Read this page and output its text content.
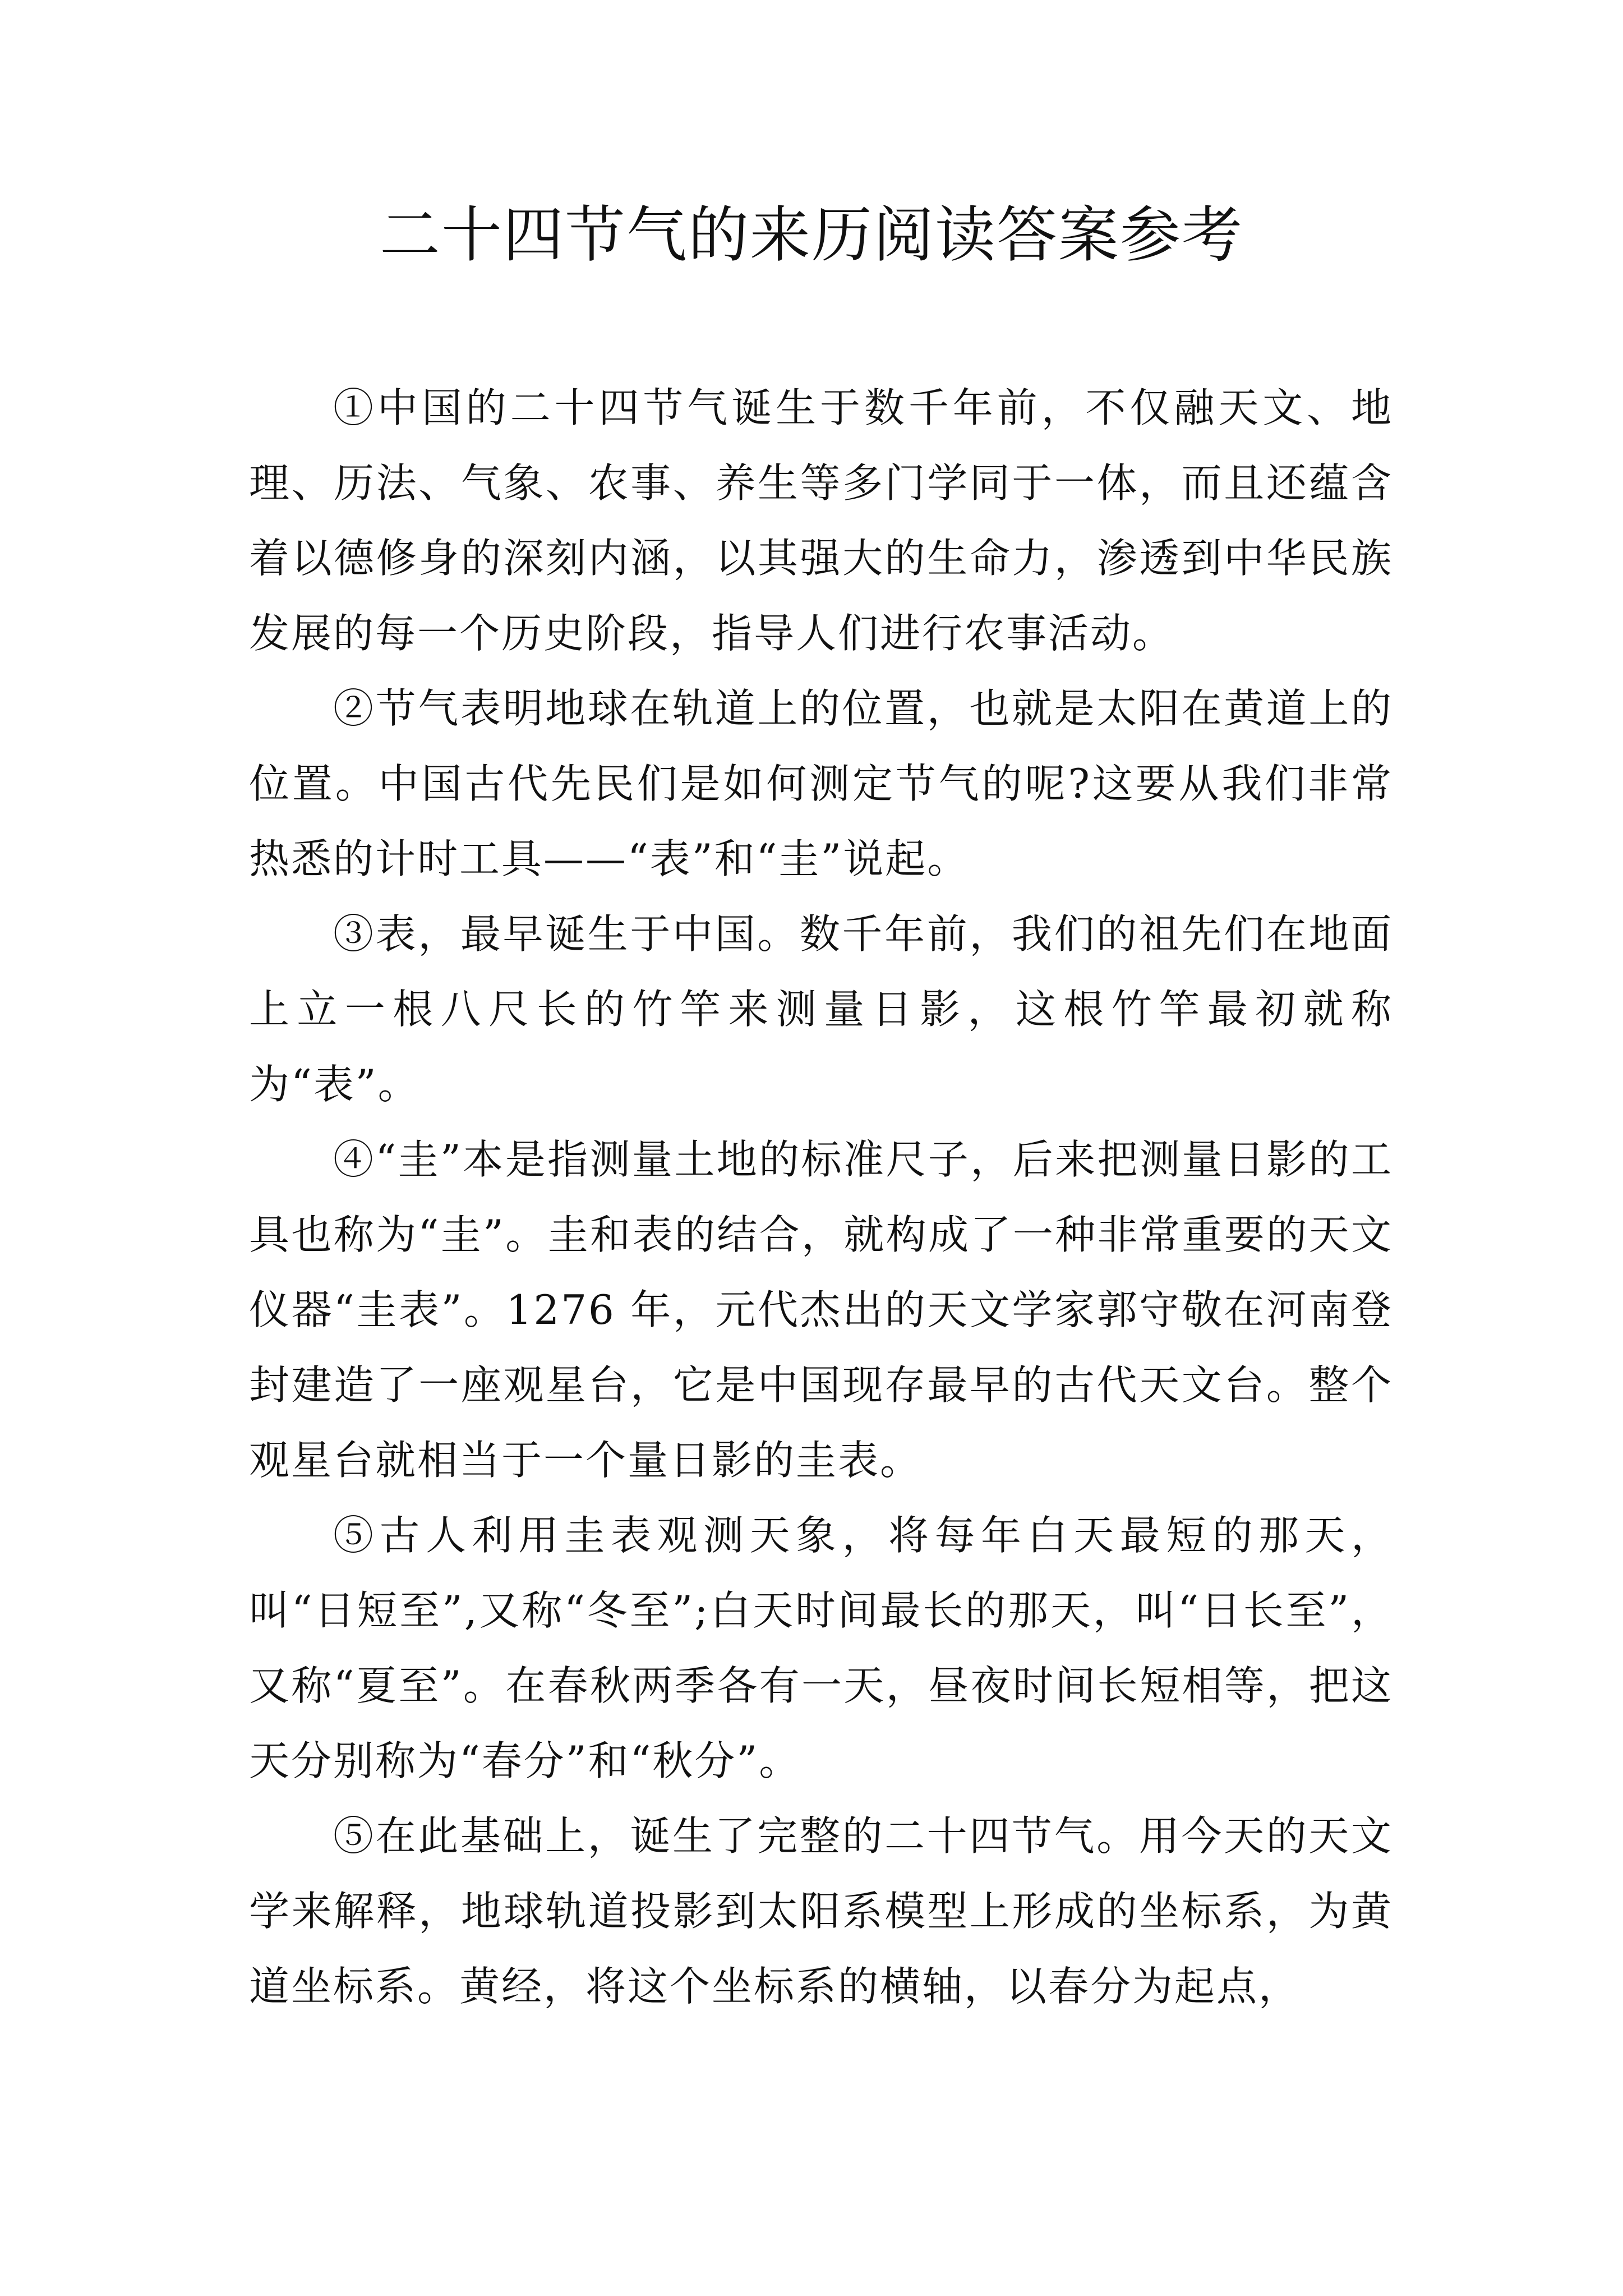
二十四节气的来历阅读答案参考

①中国的二十四节气诞生于数千年前，不仅融天文、地理、历法、气象、农事、养生等多门学同于一体，而且还蕴含着以德修身的深刻内涵，以其强大的生命力，渗透到中华民族发展的每一个历史阶段，指导人们进行农事活动。

②节气表明地球在轨道上的位置，也就是太阳在黄道上的位置。中国古代先民们是如何测定节气的呢?这要从我们非常热悉的计时工具——“表”和“圭”说起。

③表，最早诞生于中国。数千年前，我们的祖先们在地面上立一根八尺长的竹竿来测量日影，这根竹竿最初就称为“表”。

④“圭”本是指测量土地的标准尺子，后来把测量日影的工具也称为“圭”。圭和表的结合，就构成了一种非常重要的天文仪器“圭表”。1276 年，元代杰出的天文学家郭守敬在河南登封建造了一座观星台，它是中国现存最早的古代天文台。整个观星台就相当于一个量日影的圭表。

⑤古人利用圭表观测天象，将每年白天最短的那天，叫“日短至”,又称“冬至”;白天时间最长的那天，叫“日长至”，又称“夏至”。在春秋两季各有一天，昼夜时间长短相等，把这天分别称为“春分”和“秋分”。

⑤在此基础上，诞生了完整的二十四节气。用今天的天文学来解释，地球轨道投影到太阳系模型上形成的坐标系，为黄道坐标系。黄经，将这个坐标系的横轴，以春分为起点，
